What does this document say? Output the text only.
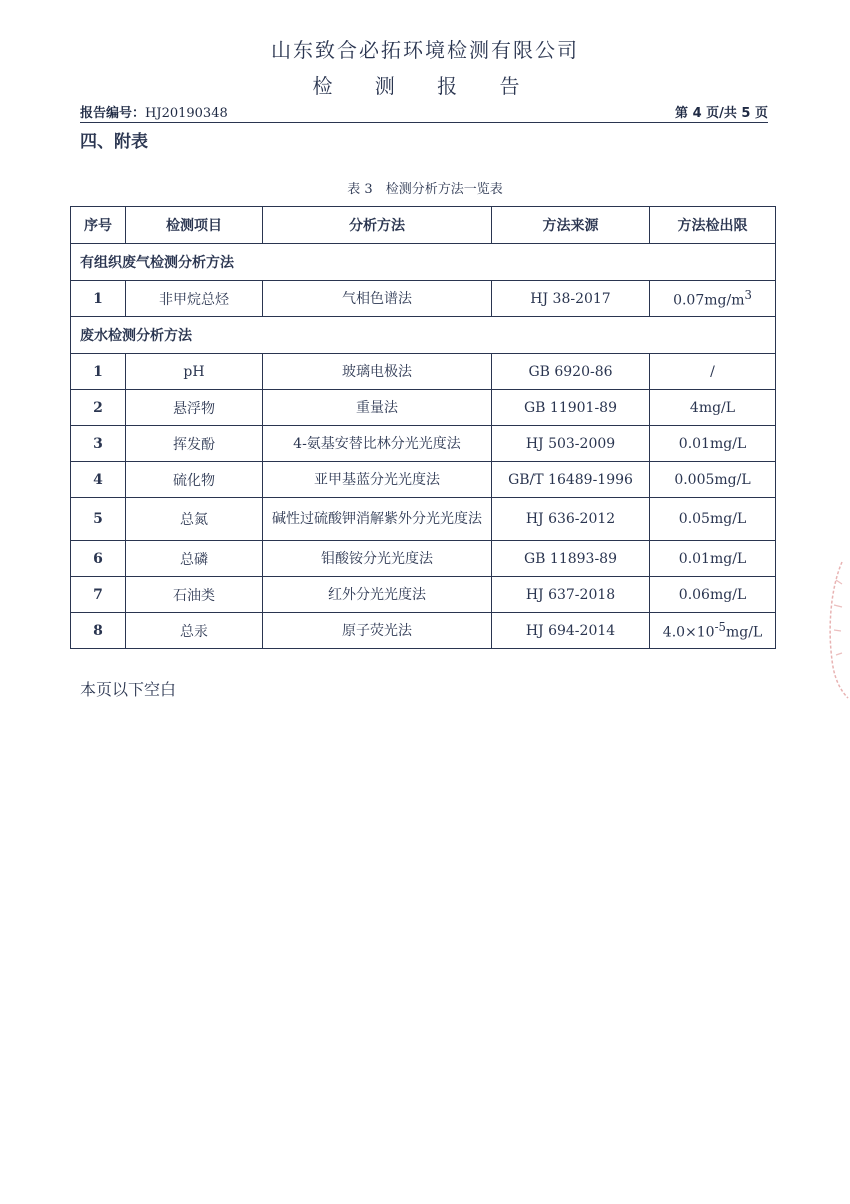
山东致合必拓环境检测有限公司
检 测 报 告
报告编号：HJ20190348	第 4 页/共 5 页
四、附表
表 3　检测分析方法一览表
序号	检测项目	分析方法	方法来源	方法检出限
有组织废气检测分析方法				
1	非甲烷总烃	气相色谱法	HJ 38-2017	$0.07mg/m^3$
废水检测分析方法				
1	pH	玻璃电极法	GB 6920-86	/
2	悬浮物	重量法	GB 11901-89	4mg/L
3	挥发酚	4-氨基安替比林分光光度法	HJ 503-2009	0.01mg/L
4	硫化物	亚甲基蓝分光光度法	GB/T 16489-1996	0.005mg/L
5	总氮	碱性过硫酸钾消解紫外分光光度法	HJ 636-2012	0.05mg/L
6	总磷	钼酸铵分光光度法	GB 11893-89	0.01mg/L
7	石油类	红外分光光度法	HJ 637-2018	0.06mg/L
8	总汞	原子荧光法	HJ 694-2014	$4.0\times 10^{-5}mg/L$
本页以下空白
